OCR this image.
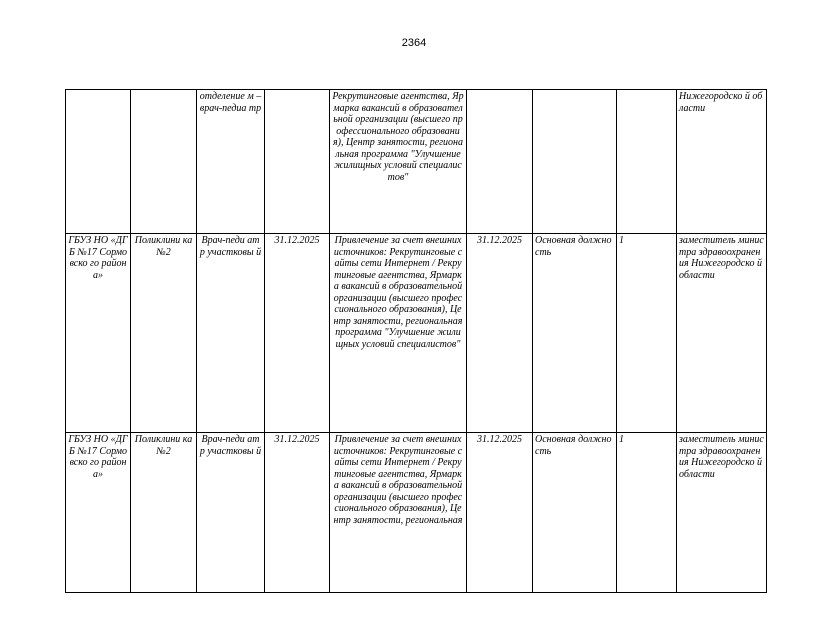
2364
		отделение м – врач-педиа тр		Рекрутинговые агентства, Ярмарка вакансий в образовательной организации (высшего профессионального образования), Центр занятости, региональная программа "Улучшение жилищных условий специалистов"				Нижегородско й области
ГБУЗ НО «ДГБ №17 Сормовско го района»	Поликлини ка №2	Врач-педи атр участковы й	31.12.2025	Привлечение за счет внешних источников: Рекрутинговые сайты сети Интернет / Рекрутинговые агентства, Ярмарка вакансий в образовательной организации (высшего профессионального образования), Центр занятости, региональная программа "Улучшение жилищных условий специалистов"	31.12.2025	Основная должность	1	заместитель министра здравоохранен ия Нижегородско й области
ГБУЗ НО «ДГБ №17 Сормовско го района»	Поликлини ка №2	Врач-педи атр участковы й	31.12.2025	Привлечение за счет внешних источников: Рекрутинговые сайты сети Интернет / Рекрутинговые агентства, Ярмарка вакансий в образовательной организации (высшего профессионального образования), Центр занятости, региональная	31.12.2025	Основная должность	1	заместитель министра здравоохранен ия Нижегородско й области
